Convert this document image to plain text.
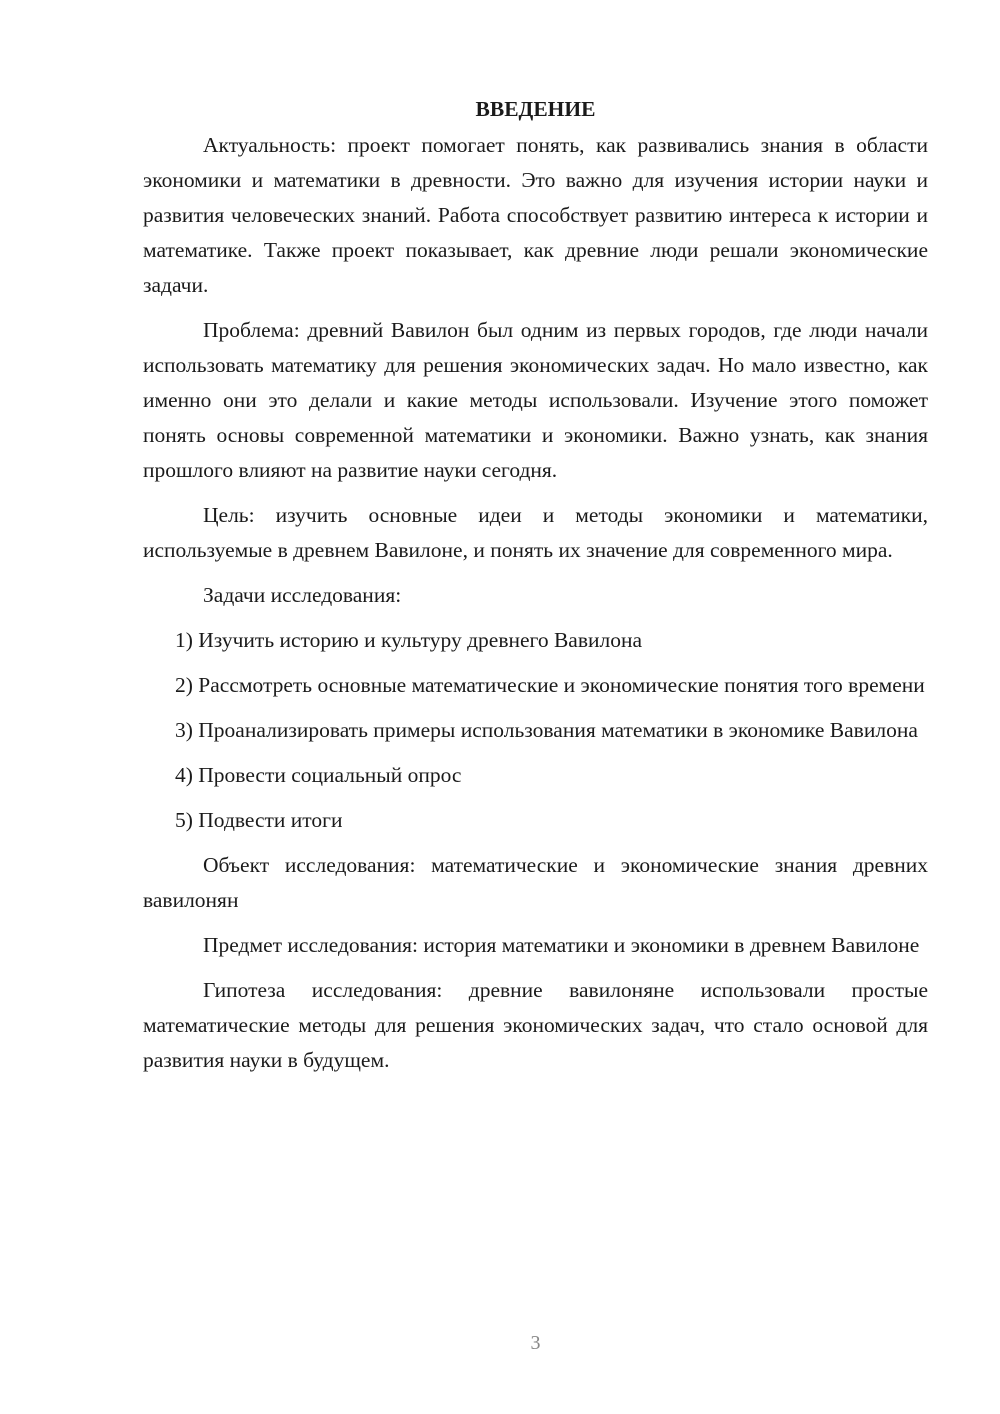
ВВЕДЕНИЕ

Актуальность: проект помогает понять, как развивались знания в области экономики и математики в древности. Это важно для изучения истории науки и развития человеческих знаний. Работа способствует развитию интереса к истории и математике. Также проект показывает, как древние люди решали экономические задачи.

Проблема: древний Вавилон был одним из первых городов, где люди начали использовать математику для решения экономических задач. Но мало известно, как именно они это делали и какие методы использовали. Изучение этого поможет понять основы современной математики и экономики. Важно узнать, как знания прошлого влияют на развитие науки сегодня.

Цель: изучить основные идеи и методы экономики и математики, используемые в древнем Вавилоне, и понять их значение для современного мира.

Задачи исследования:

1) Изучить историю и культуру древнего Вавилона

2) Рассмотреть основные математические и экономические понятия того времени

3) Проанализировать примеры использования математики в экономике Вавилона

4) Провести социальный опрос

5) Подвести итоги

Объект исследования: математические и экономические знания древних вавилонян

Предмет исследования: история математики и экономики в древнем Вавилоне

Гипотеза исследования: древние вавилоняне использовали простые математические методы для решения экономических задач, что стало основой для развития науки в будущем.

3
